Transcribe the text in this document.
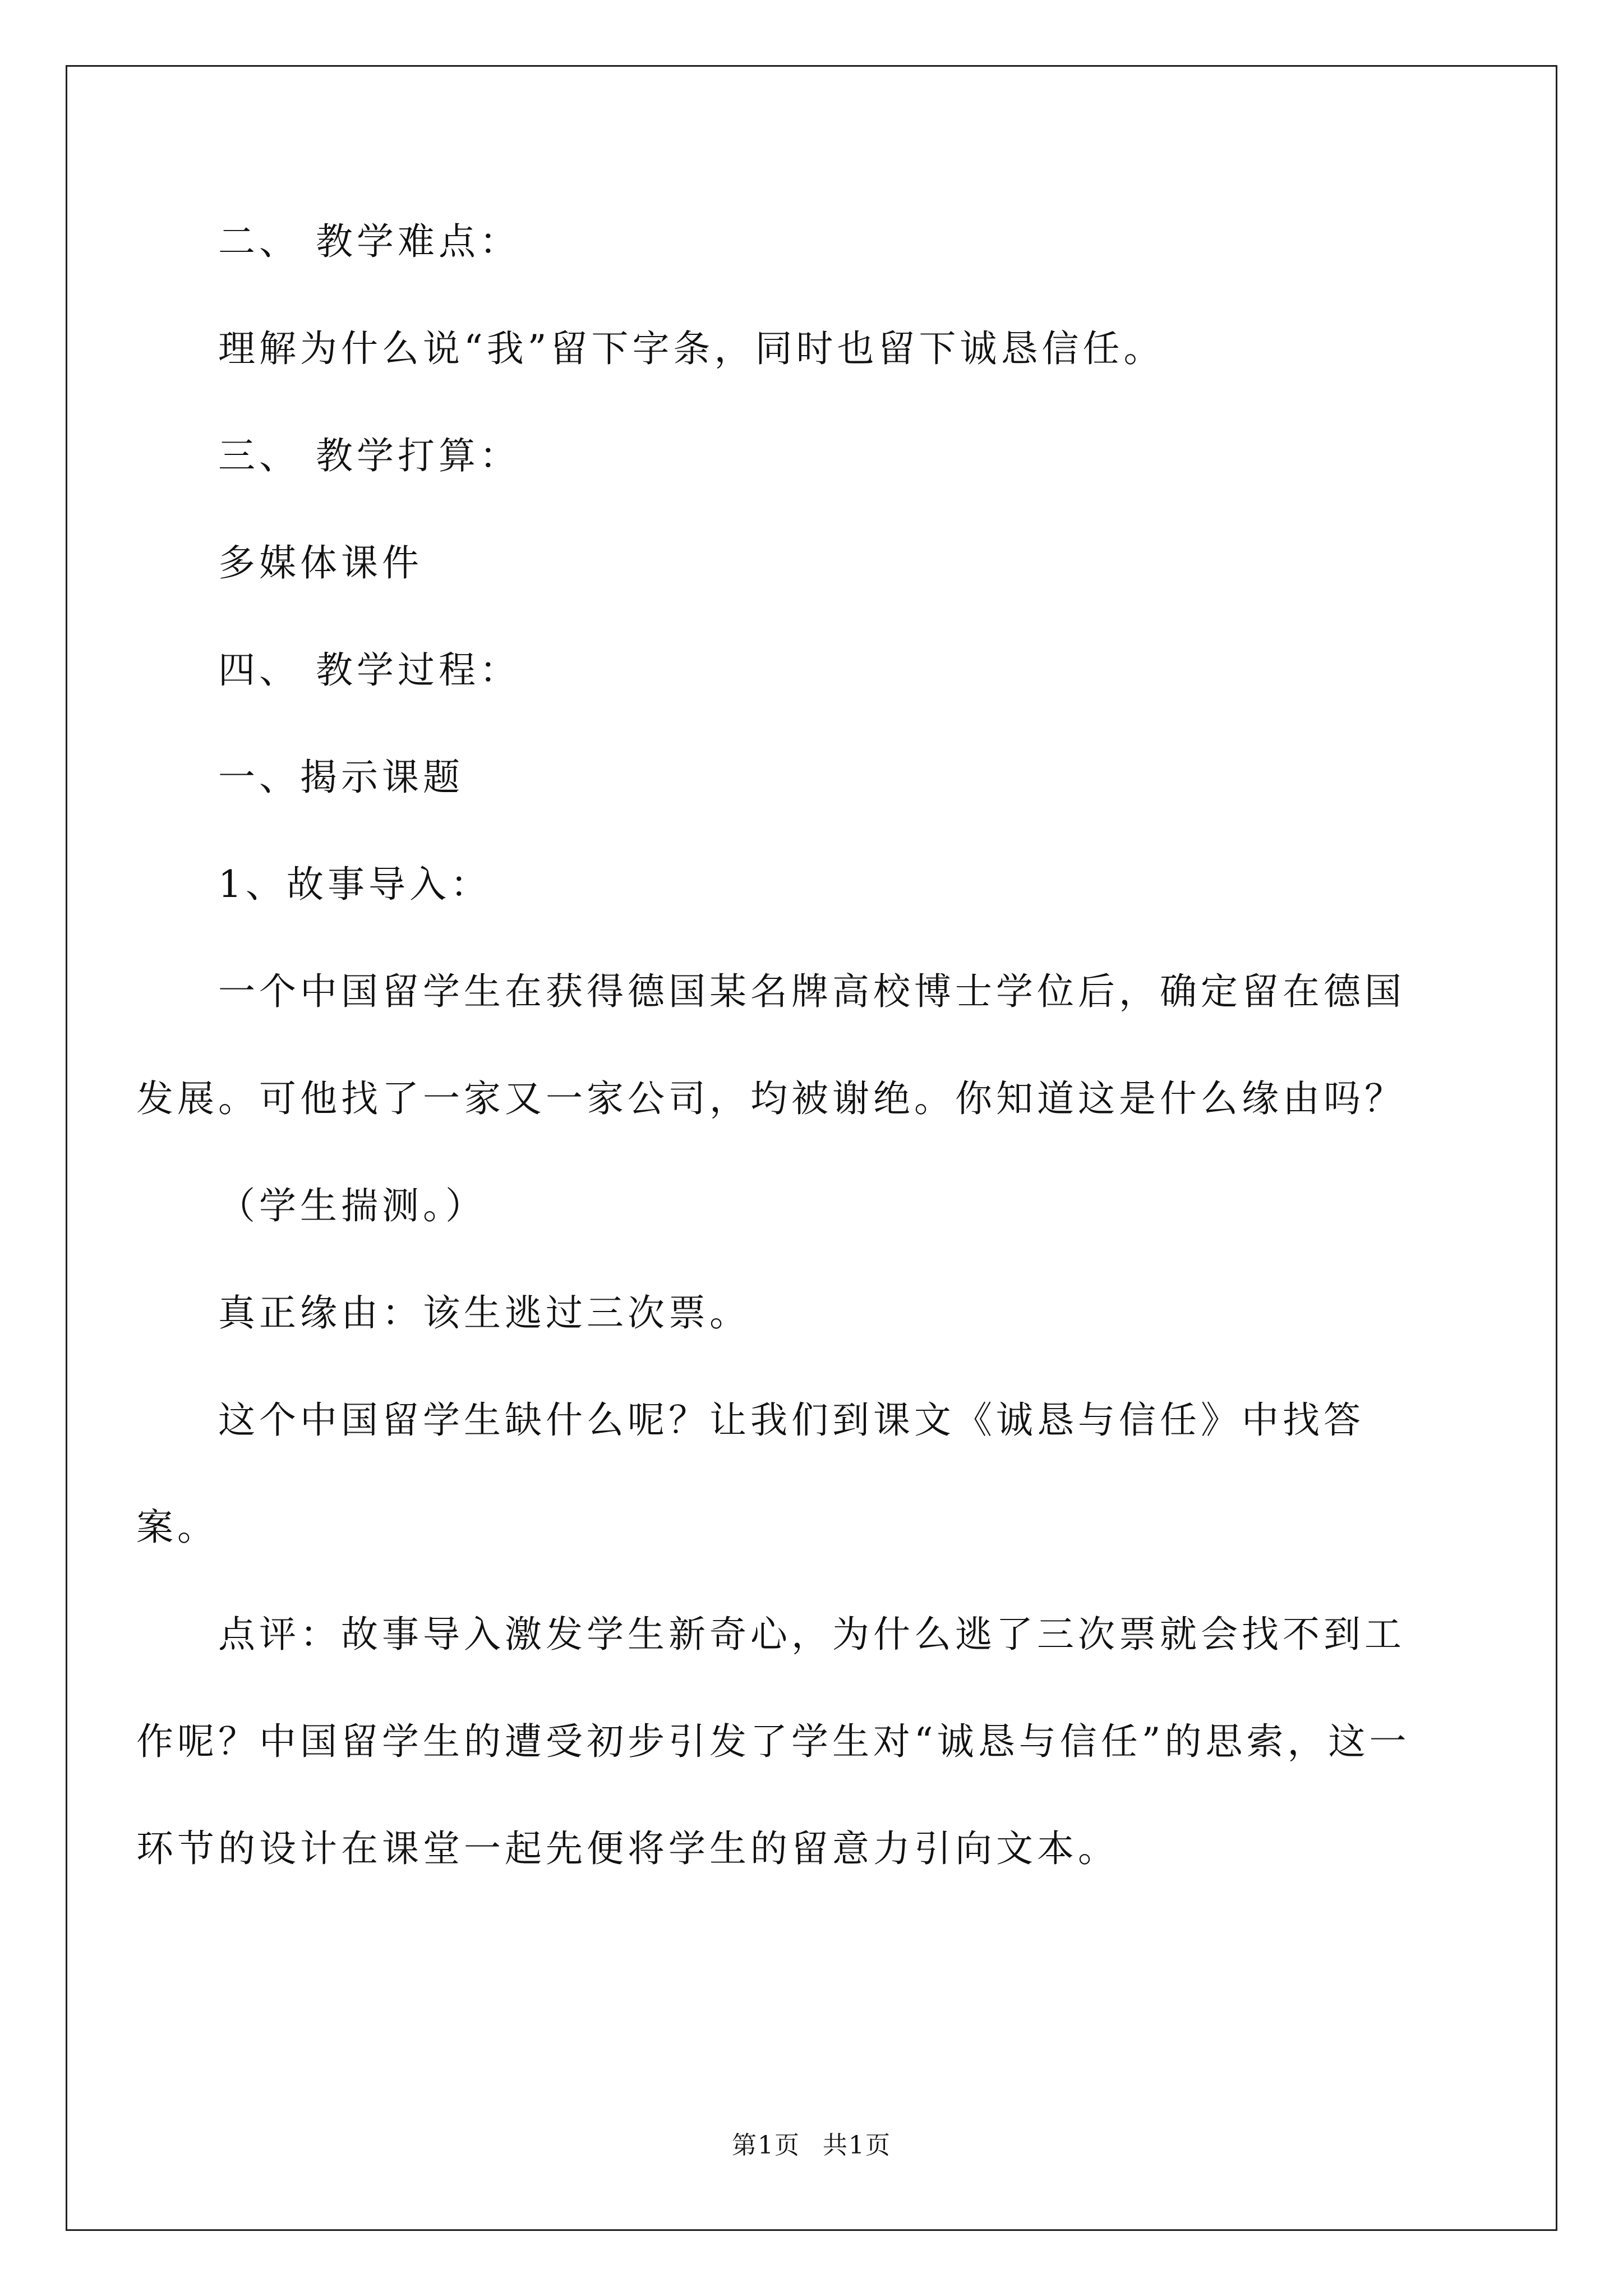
二、 教学难点：

理解为什么说“我”留下字条，同时也留下诚恳信任。

三、 教学打算：

多媒体课件

四、 教学过程：

一、揭示课题

1、故事导入：

一个中国留学生在获得德国某名牌高校博士学位后，确定留在德国发展。可他找了一家又一家公司，均被谢绝。你知道这是什么缘由吗？

（学生揣测。）

真正缘由：该生逃过三次票。

这个中国留学生缺什么呢？让我们到课文《诚恳与信任》中找答案。

点评：故事导入激发学生新奇心，为什么逃了三次票就会找不到工作呢？中国留学生的遭受初步引发了学生对“诚恳与信任”的思索，这一环节的设计在课堂一起先便将学生的留意力引向文本。

第1页 共1页
